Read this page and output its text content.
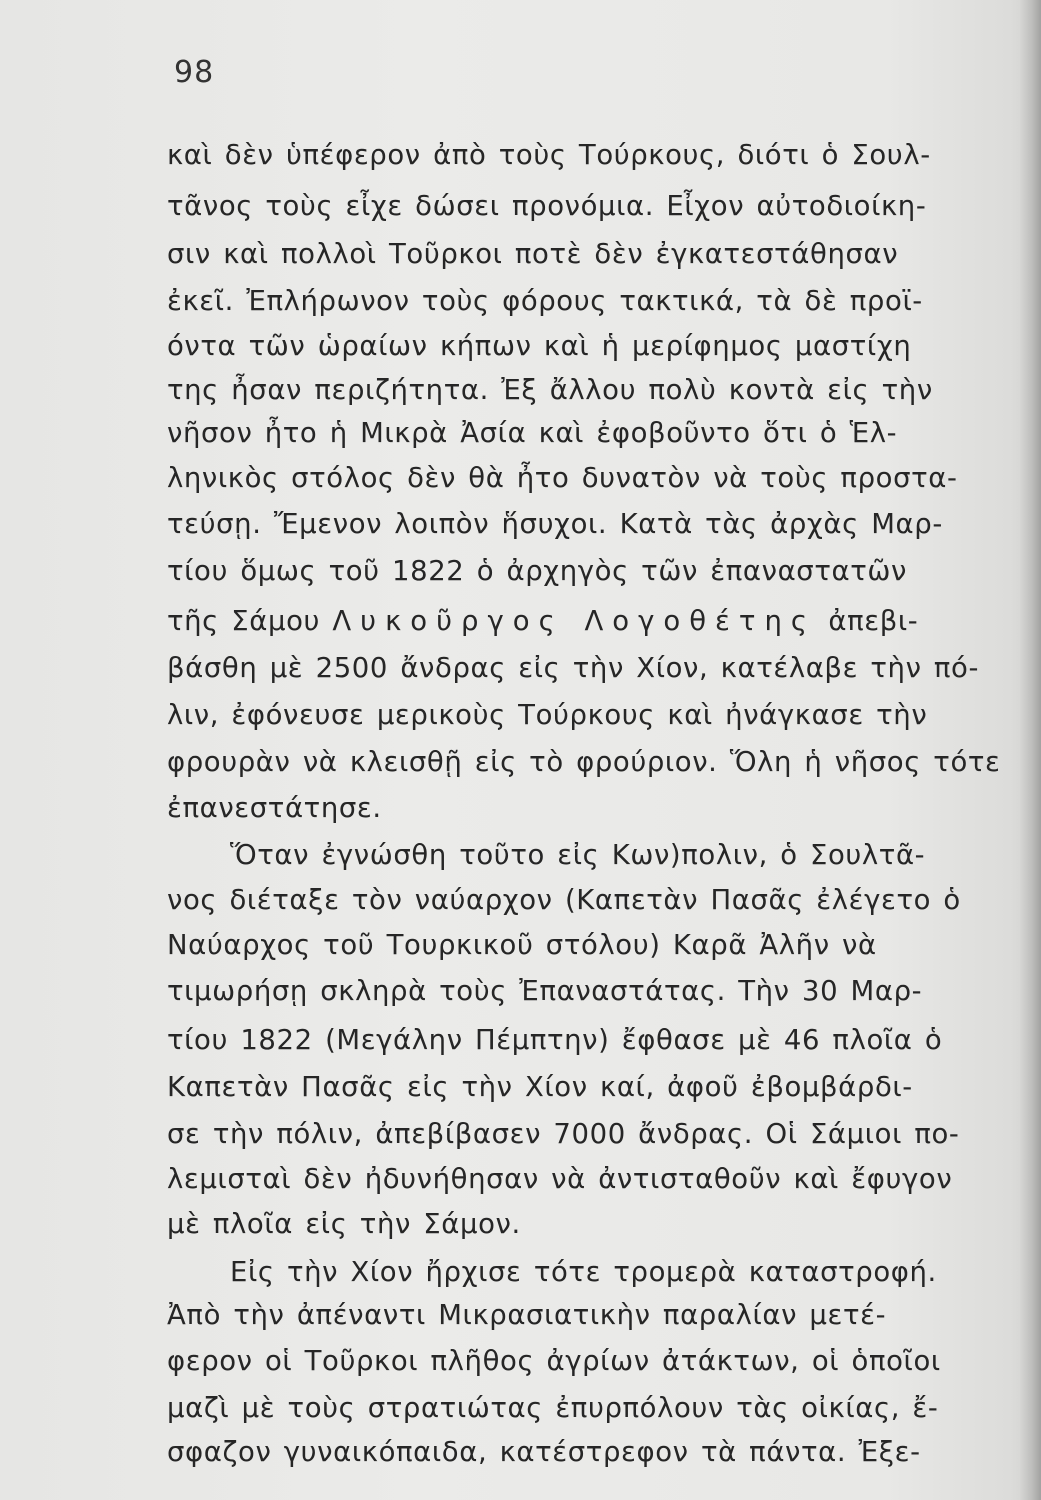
98
καὶ δὲν ὑπέφερον ἀπὸ τοὺς Τούρκους, διότι ὁ Σουλ-
τᾶνος τοὺς εἶχε δώσει προνόμια. Εἶχον αὐτοδιοίκη-
σιν καὶ πολλοὶ Τοῦρκοι ποτὲ δὲν ἐγκατεστάθησαν
ἐκεῖ. Ἐπλήρωνον τοὺς φόρους τακτικά, τὰ δὲ προϊ-
όντα τῶν ὡραίων κήπων καὶ ἡ μερίφημος μαστίχη
της ἦσαν περιζήτητα. Ἐξ ἄλλου πολὺ κοντὰ εἰς τὴν
νῆσον ἦτο ἡ Μικρὰ Ἀσία καὶ ἐφοβοῦντο ὅτι ὁ Ἑλ-
ληνικὸς στόλος δὲν θὰ ἦτο δυνατὸν νὰ τοὺς προστα-
τεύσῃ. Ἔμενον λοιπὸν ἥσυχοι. Κατὰ τὰς ἀρχὰς Μαρ-
τίου ὅμως τοῦ 1822 ὁ ἀρχηγὸς τῶν ἐπαναστατῶν
τῆς Σάμου Λυκοῦργος Λογοθέτης ἀπεβι-
βάσθη μὲ 2500 ἄνδρας εἰς τὴν Χίον, κατέλαβε τὴν πό-
λιν, ἐφόνευσε μερικοὺς Τούρκους καὶ ἠνάγκασε τὴν
φρουρὰν νὰ κλεισθῇ εἰς τὸ φρούριον. Ὅλη ἡ νῆσος τότε
ἐπανεστάτησε.
Ὅταν ἐγνώσθη τοῦτο εἰς Κων)πολιν, ὁ Σουλτᾶ-
νος διέταξε τὸν ναύαρχον (Καπετὰν Πασᾶς ἐλέγετο ὁ
Ναύαρχος τοῦ Τουρκικοῦ στόλου) Καρᾶ Ἀλῆν νὰ
τιμωρήσῃ σκληρὰ τοὺς Ἐπαναστάτας. Τὴν 30 Μαρ-
τίου 1822 (Μεγάλην Πέμπτην) ἔφθασε μὲ 46 πλοῖα ὁ
Καπετὰν Πασᾶς εἰς τὴν Χίον καί, ἀφοῦ ἐβομβάρδι-
σε τὴν πόλιν, ἀπεβίβασεν 7000 ἄνδρας. Οἱ Σάμιοι πο-
λεμισταὶ δὲν ἠδυνήθησαν νὰ ἀντισταθοῦν καὶ ἔφυγον
μὲ πλοῖα εἰς τὴν Σάμον.
Εἰς τὴν Χίον ἤρχισε τότε τρομερὰ καταστροφή.
Ἀπὸ τὴν ἀπέναντι Μικρασιατικὴν παραλίαν μετέ-
φερον οἱ Τοῦρκοι πλῆθος ἀγρίων ἀτάκτων, οἱ ὁποῖοι
μαζὶ μὲ τοὺς στρατιώτας ἐπυρπόλουν τὰς οἰκίας, ἔ-
σφαζον γυναικόπαιδα, κατέστρεφον τὰ πάντα. Ἐξε-
